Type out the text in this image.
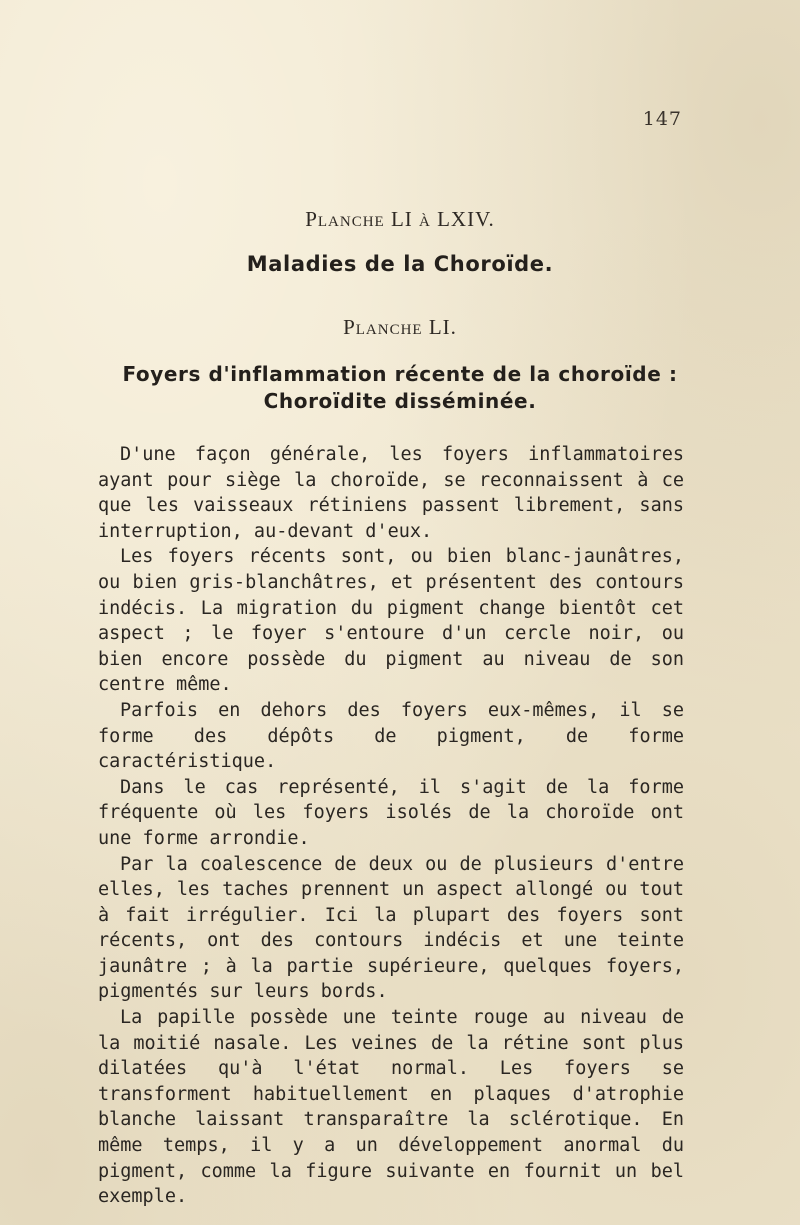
147
Planche LI à LXIV.
Maladies de la Choroïde.
Planche LI.
Foyers d'inflammation récente de la choroïde :
Choroïdite disséminée.

D'une façon générale, les foyers inflammatoires ayant pour siège la choroïde, se reconnaissent à ce que les vaisseaux rétiniens passent librement, sans interruption, au-devant d'eux.

Les foyers récents sont, ou bien blanc-jaunâtres, ou bien gris-blanchâtres, et présentent des contours indécis. La migration du pigment change bientôt cet aspect ; le foyer s'entoure d'un cercle noir, ou bien encore possède du pigment au niveau de son centre même.

Parfois en dehors des foyers eux-mêmes, il se forme des dépôts de pigment, de forme caractéristique.

Dans le cas représenté, il s'agit de la forme fréquente où les foyers isolés de la choroïde ont une forme arrondie.

Par la coalescence de deux ou de plusieurs d'entre elles, les taches prennent un aspect allongé ou tout à fait irrégulier. Ici la plupart des foyers sont récents, ont des contours indécis et une teinte jaunâtre ; à la partie supérieure, quelques foyers, pigmentés sur leurs bords.

La papille possède une teinte rouge au niveau de la moitié nasale. Les veines de la rétine sont plus dilatées qu'à l'état normal. Les foyers se transforment habituellement en plaques d'atrophie blanche laissant transparaître la sclérotique. En même temps, il y a un développement anormal du pigment, comme la figure suivante en fournit un bel exemple.
